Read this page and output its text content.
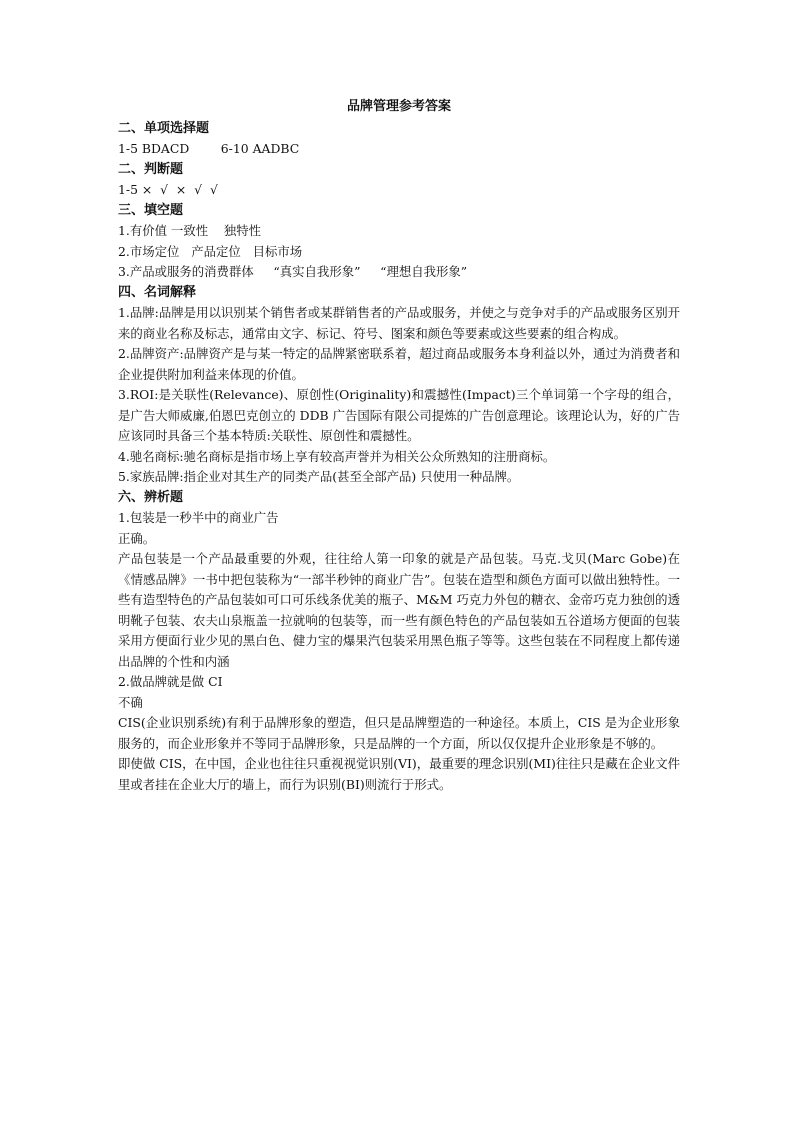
品牌管理参考答案
二、单项选择题
1-5 BDACD        6-10 AADBC
二、判断题
1-5 ×  √  ×  √  √
三、填空题
1.有价值 一致性    独特性
2.市场定位   产品定位   目标市场
3.产品或服务的消费群体     “真实自我形象”     “理想自我形象”
四、名词解释
1.品牌:品牌是用以识别某个销售者或某群销售者的产品或服务，并使之与竞争对手的产品或服务区别开来的商业名称及标志，通常由文字、标记、符号、图案和颜色等要素或这些要素的组合构成。
2.品牌资产:品牌资产是与某一特定的品牌紧密联系着，超过商品或服务本身利益以外，通过为消费者和企业提供附加利益来体现的价值。
3.ROI:是关联性(Relevance)、原创性(Originality)和震撼性(Impact)三个单词第一个字母的组合，是广告大师威廉,伯恩巴克创立的 DDB 广告国际有限公司提炼的广告创意理论。该理论认为，好的广告应该同时具备三个基本特质:关联性、原创性和震撼性。
4.驰名商标:驰名商标是指市场上享有较高声誉并为相关公众所熟知的注册商标。
5.家族品牌:指企业对其生产的同类产品(甚至全部产品) 只使用一种品牌。
六、辨析题
1.包装是一秒半中的商业广告
正确。
产品包装是一个产品最重要的外观，往往给人第一印象的就是产品包装。马克.戈贝(Marc Gobe)在《情感品牌》一书中把包装称为“一部半秒钟的商业广告”。包装在造型和颜色方面可以做出独特性。一些有造型特色的产品包装如可口可乐线条优美的瓶子、M&M 巧克力外包的糖衣、金帝巧克力独创的透明靴子包装、农夫山泉瓶盖一拉就响的包装等，而一些有颜色特色的产品包装如五谷道场方便面的包装采用方便面行业少见的黑白色、健力宝的爆果汽包装采用黑色瓶子等等。这些包装在不同程度上都传递出品牌的个性和内涵
2.做品牌就是做 CI
不确
CIS(企业识别系统)有利于品牌形象的塑造，但只是品牌塑造的一种途径。本质上，CIS 是为企业形象服务的，而企业形象并不等同于品牌形象，只是品牌的一个方面，所以仅仅提升企业形象是不够的。
即使做 CIS，在中国，企业也往往只重视视觉识别(VI)，最重要的理念识别(MI)往往只是藏在企业文件里或者挂在企业大厅的墙上，而行为识别(BI)则流行于形式。
